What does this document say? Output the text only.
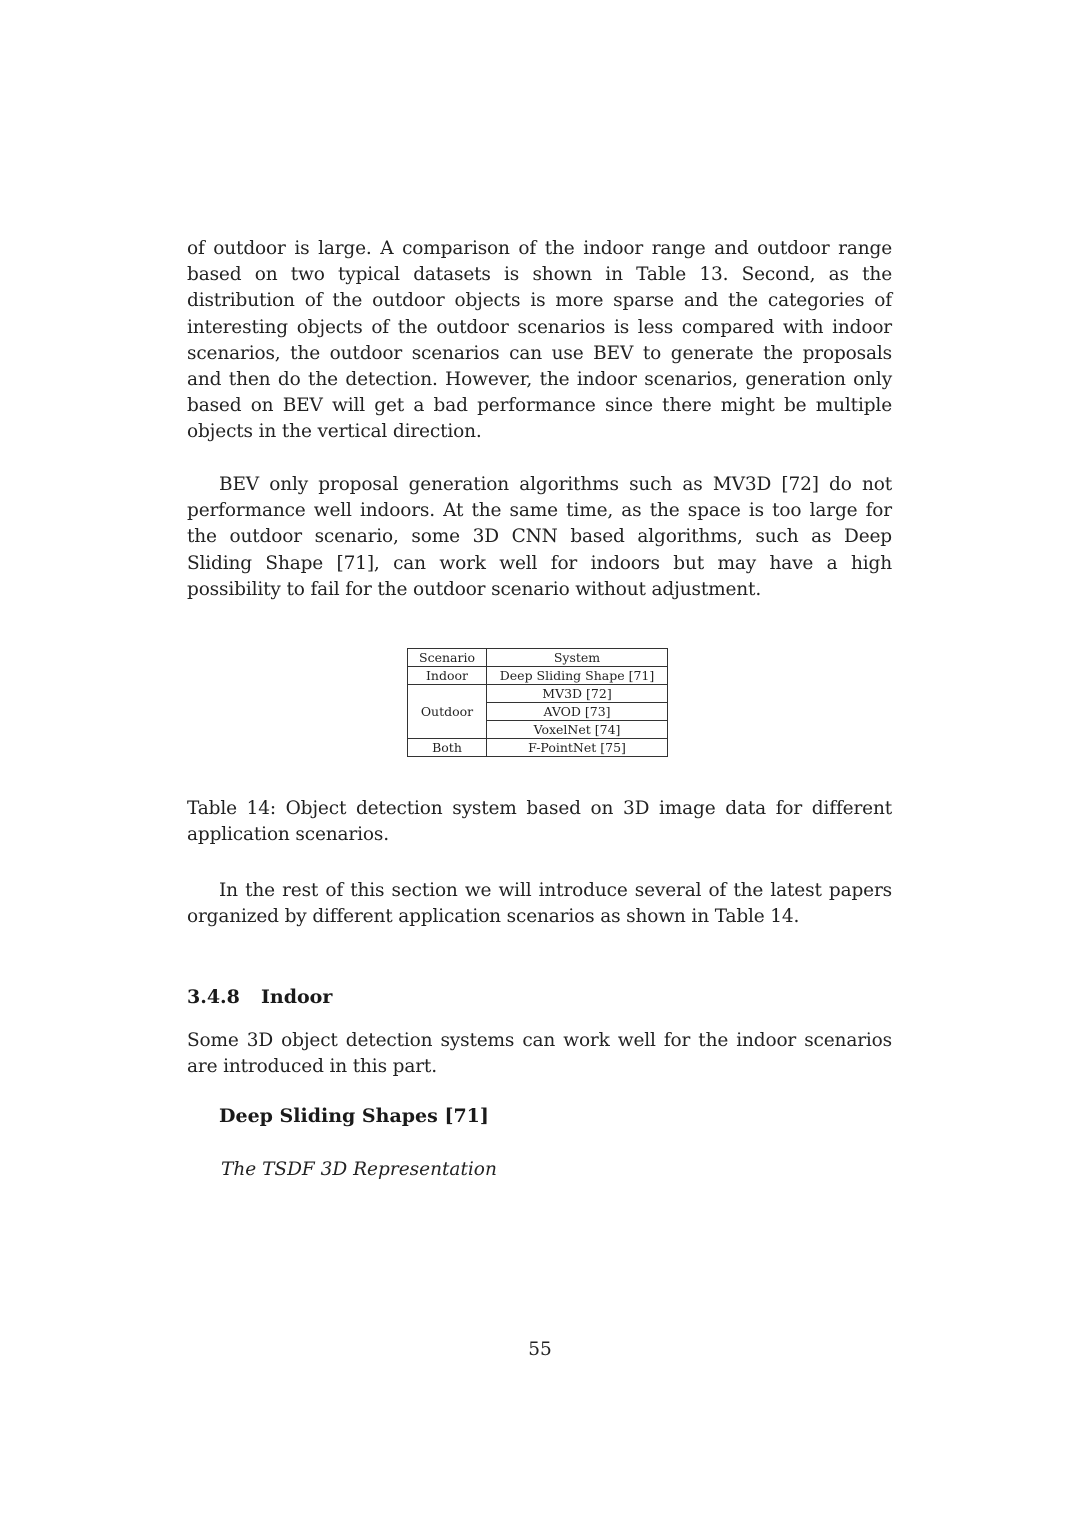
of outdoor is large. A comparison of the indoor range and outdoor range based on two typical datasets is shown in Table 13. Second, as the distribution of the outdoor objects is more sparse and the categories of interesting objects of the outdoor scenarios is less compared with indoor scenarios, the outdoor scenarios can use BEV to generate the proposals and then do the detection. However, the indoor scenarios, generation only based on BEV will get a bad performance since there might be multiple objects in the vertical direction.

BEV only proposal generation algorithms such as MV3D [72] do not performance well indoors. At the same time, as the space is too large for the outdoor scenario, some 3D CNN based algorithms, such as Deep Sliding Shape [71], can work well for indoors but may have a high possibility to fail for the outdoor scenario without adjustment.

Scenario	System
Indoor	Deep Sliding Shape [71]
Outdoor	MV3D [72]
	AVOD [73]
	VoxelNet [74]
Both	F-PointNet [75]

Table 14: Object detection system based on 3D image data for different application scenarios.

In the rest of this section we will introduce several of the latest papers organized by different application scenarios as shown in Table 14.

3.4.8 Indoor

Some 3D object detection systems can work well for the indoor scenarios are introduced in this part.

Deep Sliding Shapes [71]
The TSDF 3D Representation
55
